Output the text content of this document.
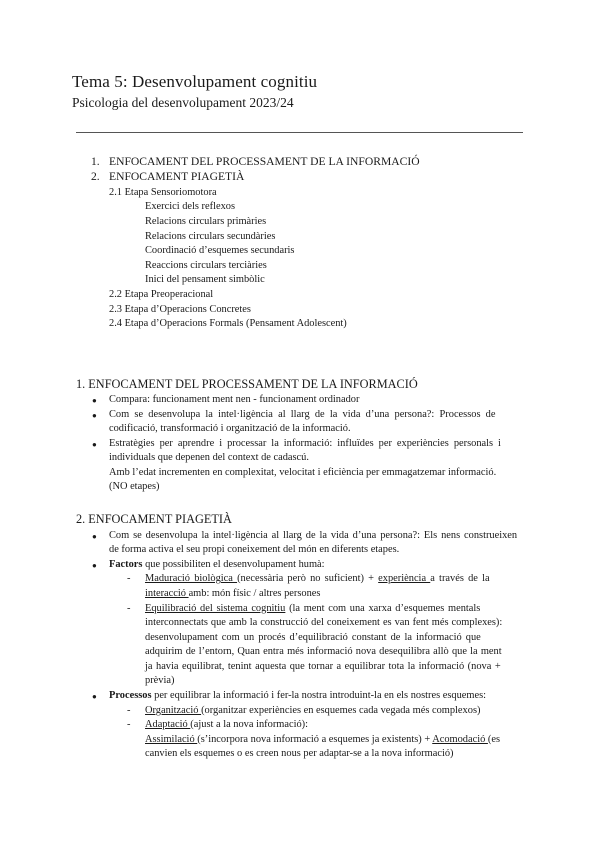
Tema 5: Desenvolupament cognitiu
Psicologia del desenvolupament 2023/24
1. ENFOCAMENT DEL PROCESSAMENT DE LA INFORMACIÓ
2. ENFOCAMENT PIAGETIÀ
2.1 Etapa Sensoriomotora
Exercici dels reflexos
Relacions circulars primàries
Relacions circulars secundàries
Coordinació d’esquemes secundaris
Reaccions circulars terciàries
Inici del pensament simbòlic
2.2 Etapa Preoperacional
2.3 Etapa d’Operacions Concretes
2.4 Etapa d’Operacions Formals (Pensament Adolescent)
1. ENFOCAMENT DEL PROCESSAMENT DE LA INFORMACIÓ
● Compara: funcionament ment nen - funcionament ordinador
● Com se desenvolupa la intel·ligència al llarg de la vida d’una persona?: Processos de
codificació, transformació i organització de la informació.
● Estratègies per aprendre i processar la informació: influïdes per experiències personals i
individuals que depenen del context de cadascú.
Amb l’edat incrementen en complexitat, velocitat i eficiència per emmagatzemar informació.
(NO etapes)
2. ENFOCAMENT PIAGETIÀ
● Com se desenvolupa la intel·ligència al llarg de la vida d’una persona?: Els nens construeixen
de forma activa el seu propi coneixement del món en diferents etapes.
● Factors que possibiliten el desenvolupament humà:
- Maduració biològica (necessària però no suficient) + experiència a través de la
interacció amb: món físic / altres persones
- Equilibració del sistema cognitiu (la ment com una xarxa d’esquemes mentals
interconnectats que amb la construcció del coneixement es van fent més complexes):
desenvolupament com un procés d’equilibració constant de la informació que
adquirim de l’entorn, Quan entra més informació nova desequilibra allò que la ment
ja havia equilibrat, tenint aquesta que tornar a equilibrar tota la informació (nova +
prèvia)
● Processos per equilibrar la informació i fer-la nostra introduint-la en els nostres esquemes:
- Organització (organitzar experiències en esquemes cada vegada més complexos)
- Adaptació (ajust a la nova informació):
Assimilació (s’incorpora nova informació a esquemes ja existents) + Acomodació (es
canvien els esquemes o es creen nous per adaptar-se a la nova informació)
